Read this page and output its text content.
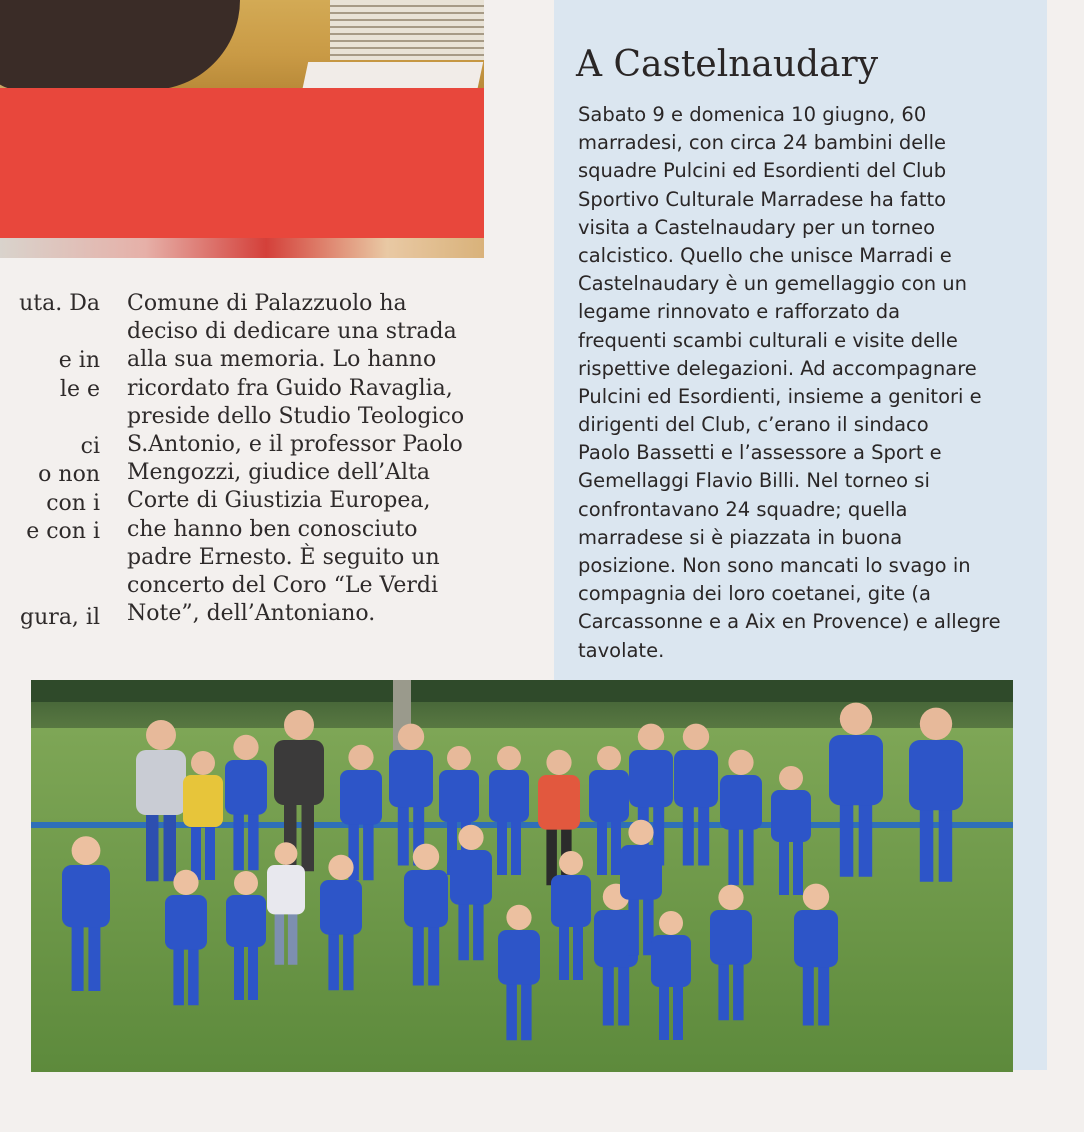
uta. Da
e in
le e
ci
o non
con i
e con i
gura, il
Comune di Palazzuolo ha
deciso di dedicare una strada
alla sua memoria. Lo hanno
ricordato fra Guido Ravaglia,
preside dello Studio Teologico
S.Antonio, e il professor Paolo
Mengozzi, giudice dell’Alta
Corte di Giustizia Europea,
che hanno ben conosciuto
padre Ernesto. È seguito un
concerto del Coro “Le Verdi
Note”, dell’Antoniano.
A Castelnaudary
Sabato 9 e domenica 10 giugno, 60
marradesi, con circa 24 bambini delle
squadre Pulcini ed Esordienti del Club
Sportivo Culturale Marradese ha fatto
visita a Castelnaudary per un torneo
calcistico. Quello che unisce Marradi e
Castelnaudary è un gemellaggio con un
legame rinnovato e rafforzato da
frequenti scambi culturali e visite delle
rispettive delegazioni. Ad accompagnare
Pulcini ed Esordienti, insieme a genitori e
dirigenti del Club, c’erano il sindaco
Paolo Bassetti e l’assessore a Sport e
Gemellaggi Flavio Billi. Nel torneo si
confrontavano 24 squadre; quella
marradese si è piazzata in buona
posizione. Non sono mancati lo svago in
compagnia dei loro coetanei, gite (a
Carcassonne e a Aix en Provence) e allegre
tavolate.
